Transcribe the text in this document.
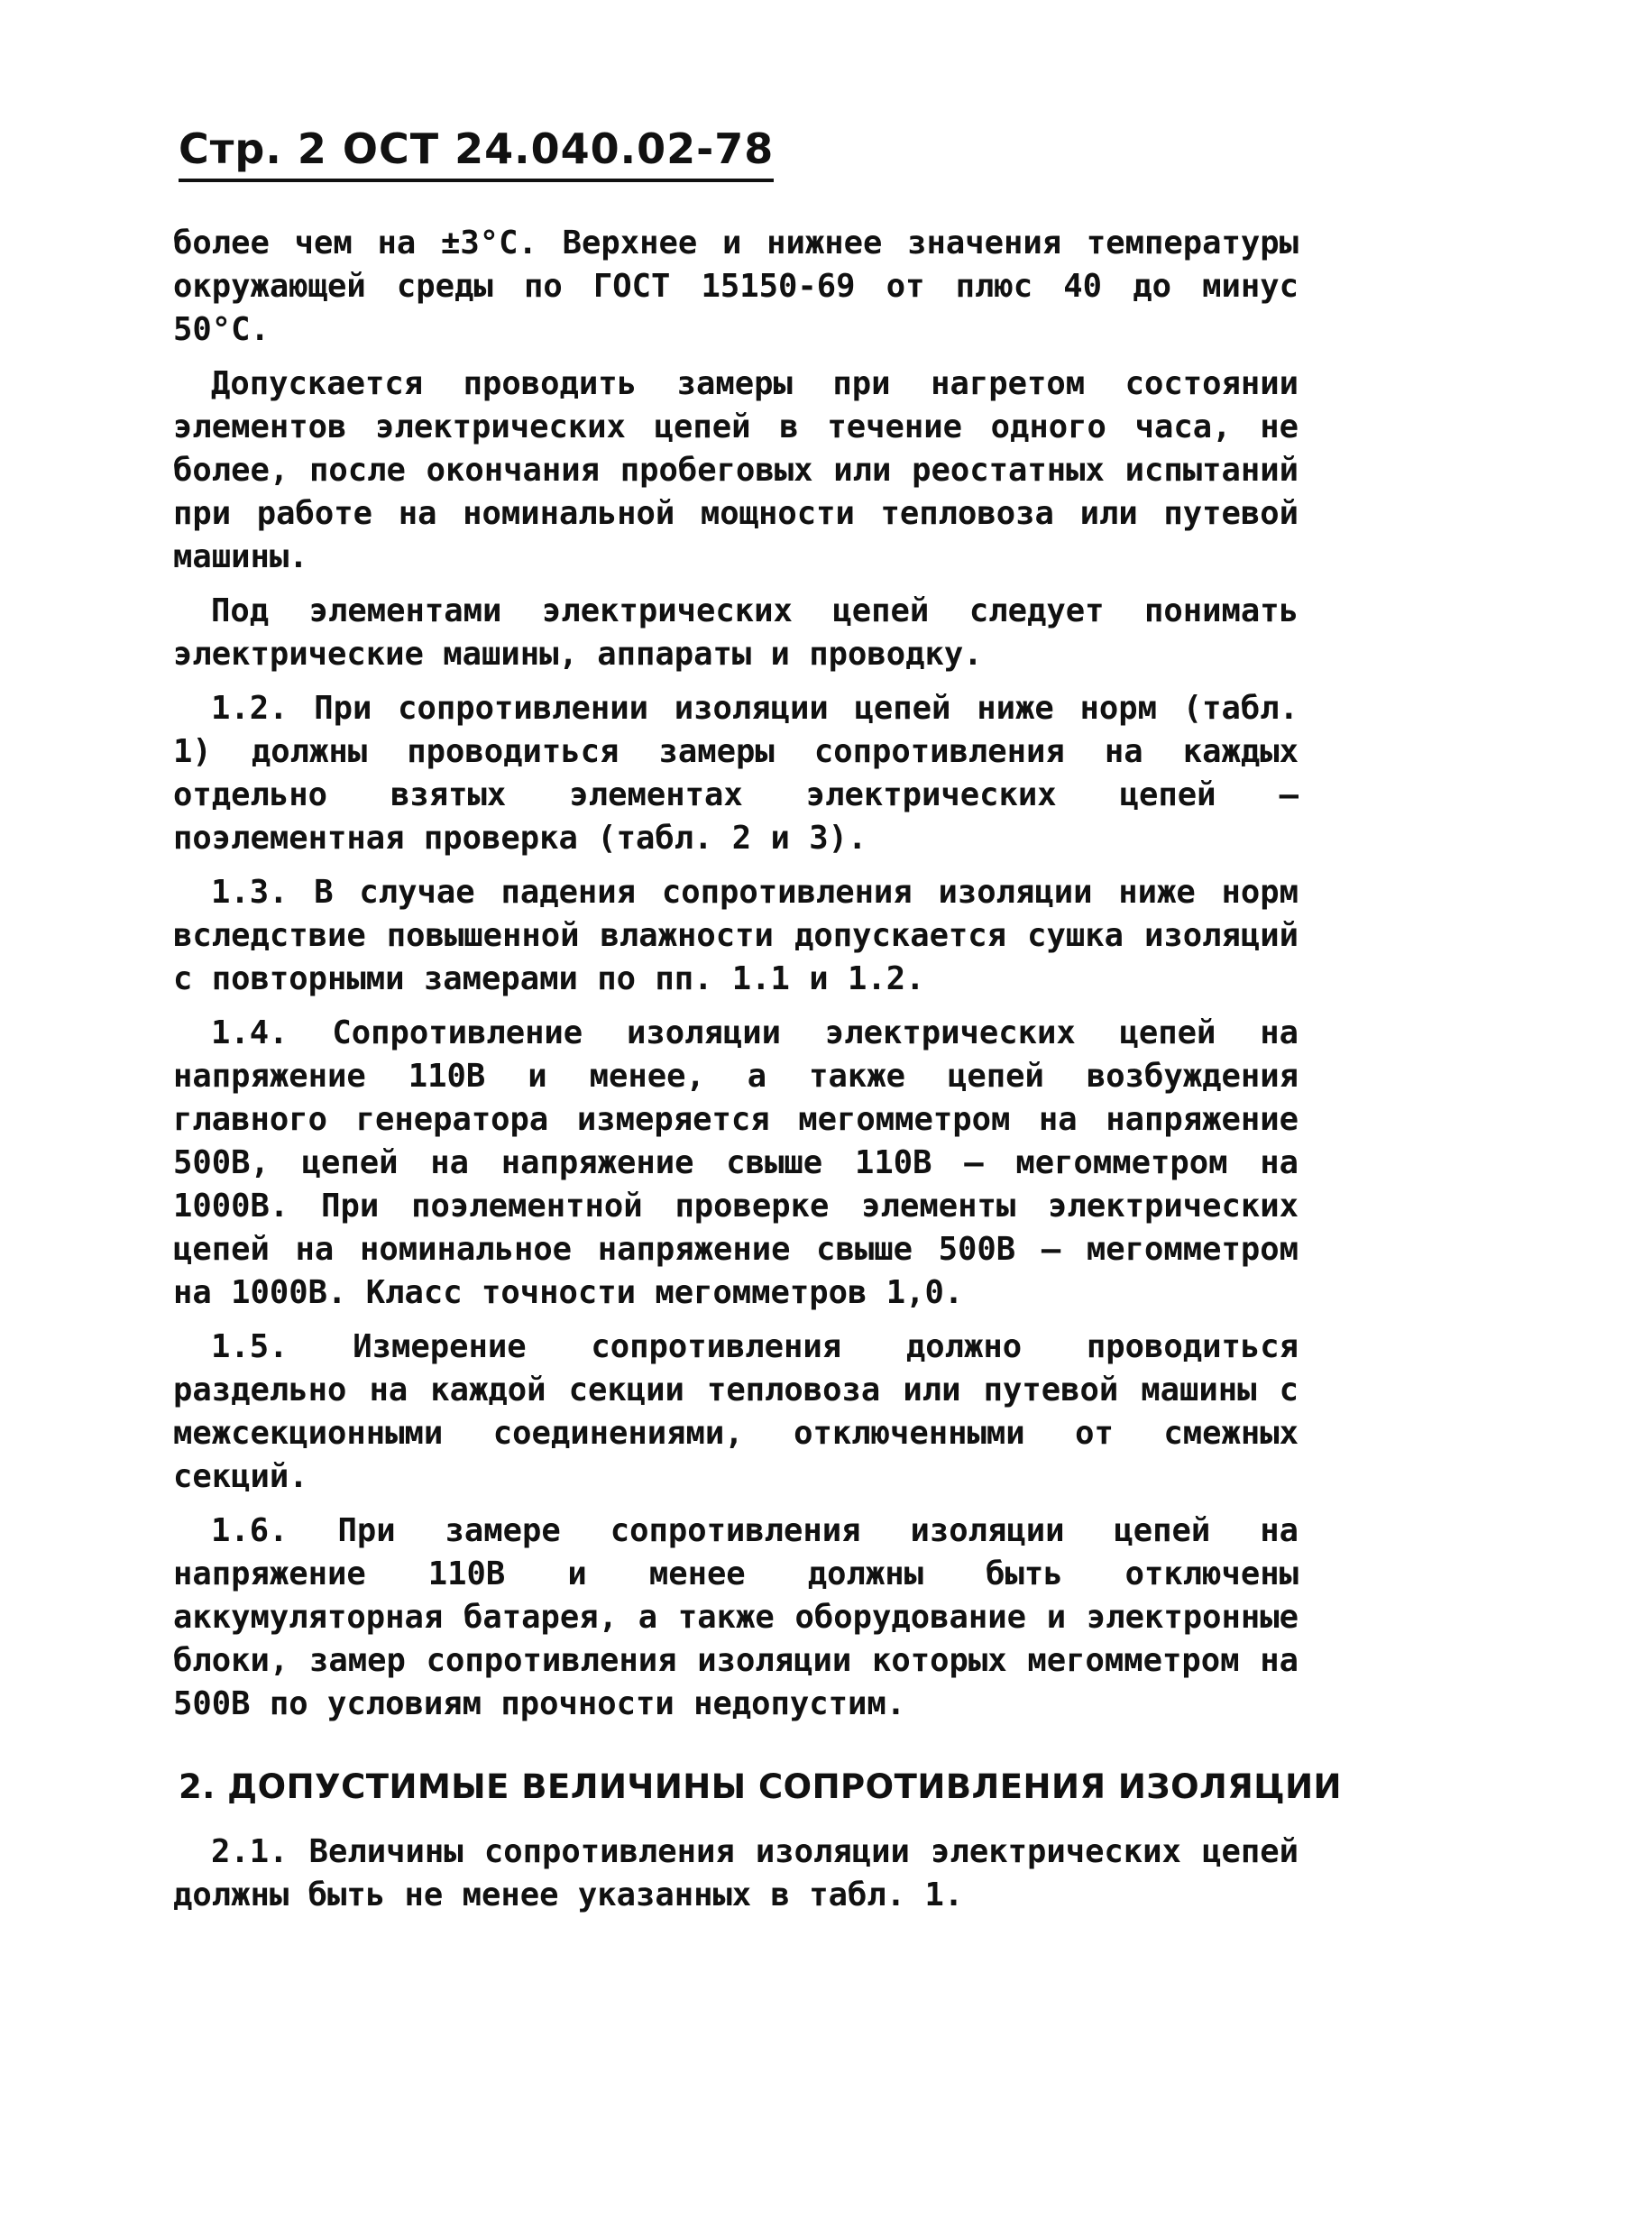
Стр. 2 ОСТ 24.040.02-78

более чем на ±3°С. Верхнее и нижнее значения температуры окружающей среды по ГОСТ 15150-69 от плюс 40 до минус 50°С.

Допускается проводить замеры при нагретом состоянии элементов электрических цепей в течение одного часа, не более, после окончания пробеговых или реостатных испытаний при работе на номинальной мощности тепловоза или путевой машины.

Под элементами электрических цепей следует понимать электрические машины, аппараты и проводку.

1.2. При сопротивлении изоляции цепей ниже норм (табл. 1) должны проводиться замеры сопротивления на каждых отдельно взятых элементах электрических цепей – поэлементная проверка (табл. 2 и 3).

1.3. В случае падения сопротивления изоляции ниже норм вследствие повышенной влажности допускается сушка изоляций с повторными замерами по пп. 1.1 и 1.2.

1.4. Сопротивление изоляции электрических цепей на напряжение 110В и менее, а также цепей возбуждения главного генератора измеряется мегомметром на напряжение 500В, цепей на напряжение свыше 110В – мегомметром на 1000В. При поэлементной проверке элементы электрических цепей на номинальное напряжение свыше 500В – мегомметром на 1000В. Класс точности мегомметров 1,0.

1.5. Измерение сопротивления должно проводиться раздельно на каждой секции тепловоза или путевой машины с межсекционными соединениями, отключенными от смежных секций.

1.6. При замере сопротивления изоляции цепей на напряжение 110В и менее должны быть отключены аккумуляторная батарея, а также оборудование и электронные блоки, замер сопротивления изоляции которых мегомметром на 500В по условиям прочности недопустим.

2. ДОПУСТИМЫЕ ВЕЛИЧИНЫ СОПРОТИВЛЕНИЯ ИЗОЛЯЦИИ

2.1. Величины сопротивления изоляции электрических цепей должны быть не менее указанных в табл. 1.
